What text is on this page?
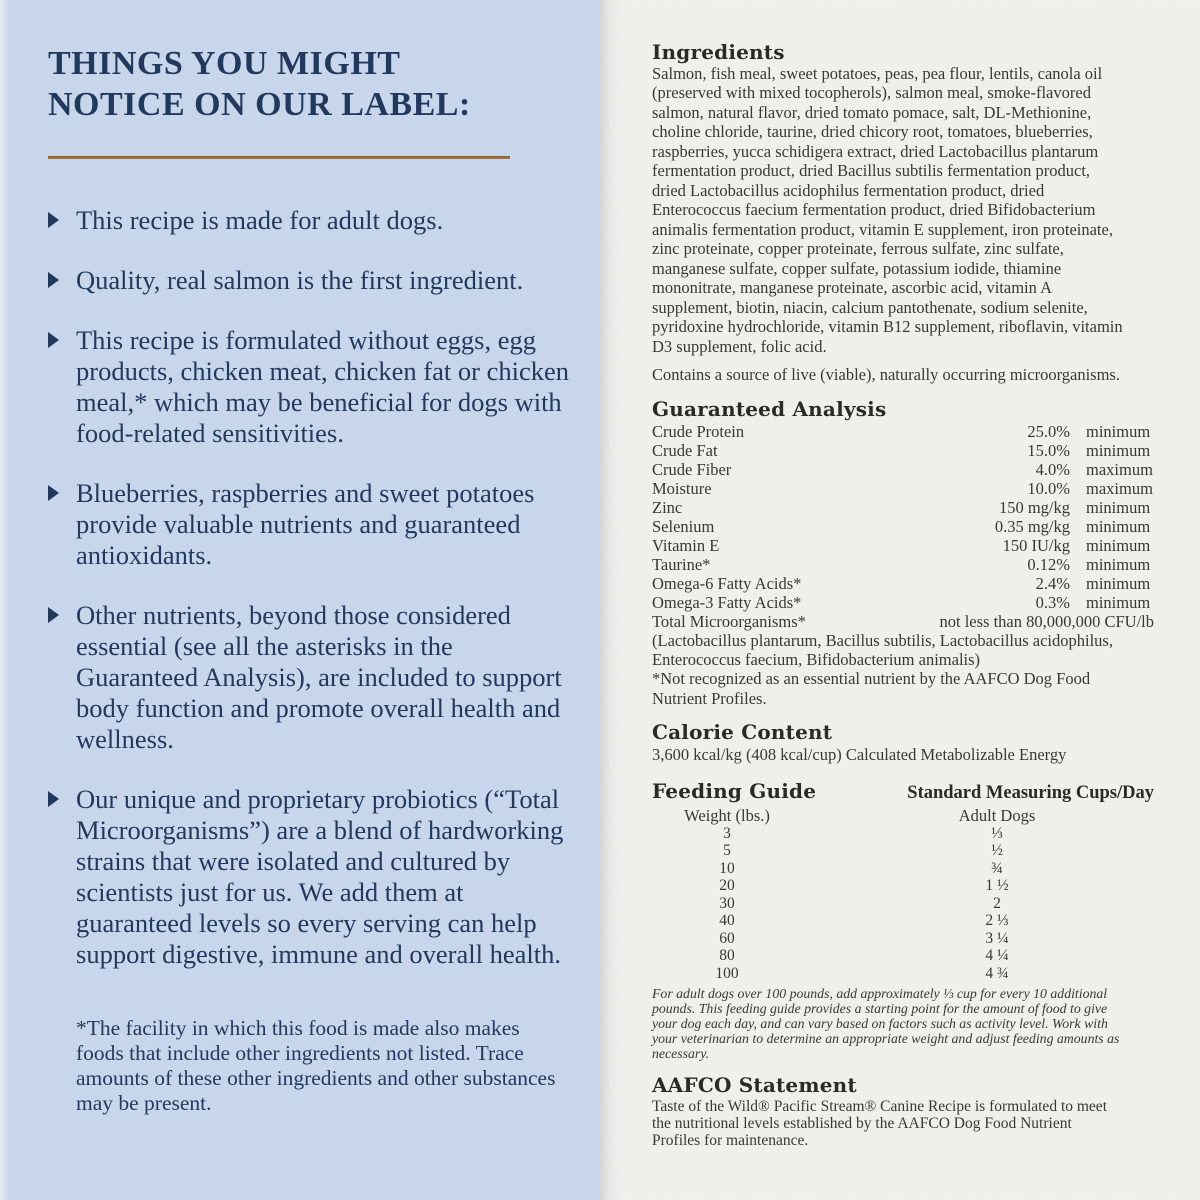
THINGS YOU MIGHT NOTICE ON OUR LABEL:
This recipe is made for adult dogs.
Quality, real salmon is the first ingredient.
This recipe is formulated without eggs, egg products, chicken meat, chicken fat or chicken meal,* which may be beneficial for dogs with food-related sensitivities.
Blueberries, raspberries and sweet potatoes provide valuable nutrients and guaranteed antioxidants.
Other nutrients, beyond those considered essential (see all the asterisks in the Guaranteed Analysis), are included to support body function and promote overall health and wellness.
Our unique and proprietary probiotics (“Total Microorganisms”) are a blend of hardworking strains that were isolated and cultured by scientists just for us. We add them at guaranteed levels so every serving can help support digestive, immune and overall health.
*The facility in which this food is made also makes foods that include other ingredients not listed. Trace amounts of these other ingredients and other substances may be present.
Ingredients
Salmon, fish meal, sweet potatoes, peas, pea flour, lentils, canola oil (preserved with mixed tocopherols), salmon meal, smoke-flavored salmon, natural flavor, dried tomato pomace, salt, DL-Methionine, choline chloride, taurine, dried chicory root, tomatoes, blueberries, raspberries, yucca schidigera extract, dried Lactobacillus plantarum fermentation product, dried Bacillus subtilis fermentation product, dried Lactobacillus acidophilus fermentation product, dried Enterococcus faecium fermentation product, dried Bifidobacterium animalis fermentation product, vitamin E supplement, iron proteinate, zinc proteinate, copper proteinate, ferrous sulfate, zinc sulfate, manganese sulfate, copper sulfate, potassium iodide, thiamine mononitrate, manganese proteinate, ascorbic acid, vitamin A supplement, biotin, niacin, calcium pantothenate, sodium selenite, pyridoxine hydrochloride, vitamin B12 supplement, riboflavin, vitamin D3 supplement, folic acid.
Contains a source of live (viable), naturally occurring microorganisms.
Guaranteed Analysis
Crude Protein	25.0% minimum
Crude Fat	15.0% minimum
Crude Fiber	4.0% maximum
Moisture	10.0% maximum
Zinc	150 mg/kg minimum
Selenium	0.35 mg/kg minimum
Vitamin E	150 IU/kg minimum
Taurine*	0.12% minimum
Omega-6 Fatty Acids*	2.4% minimum
Omega-3 Fatty Acids*	0.3% minimum
Total Microorganisms*	not less than 80,000,000 CFU/lb
(Lactobacillus plantarum, Bacillus subtilis, Lactobacillus acidophilus, Enterococcus faecium, Bifidobacterium animalis)
*Not recognized as an essential nutrient by the AAFCO Dog Food Nutrient Profiles.
Calorie Content
3,600 kcal/kg (408 kcal/cup) Calculated Metabolizable Energy
Feeding Guide	Standard Measuring Cups/Day
Weight (lbs.)	Adult Dogs
3	⅓
5	½
10	¾
20	1 ½
30	2
40	2 ⅓
60	3 ¼
80	4 ¼
100	4 ¾
For adult dogs over 100 pounds, add approximately ⅓ cup for every 10 additional pounds. This feeding guide provides a starting point for the amount of food to give your dog each day, and can vary based on factors such as activity level. Work with your veterinarian to determine an appropriate weight and adjust feeding amounts as necessary.
AAFCO Statement
Taste of the Wild® Pacific Stream® Canine Recipe is formulated to meet the nutritional levels established by the AAFCO Dog Food Nutrient Profiles for maintenance.
